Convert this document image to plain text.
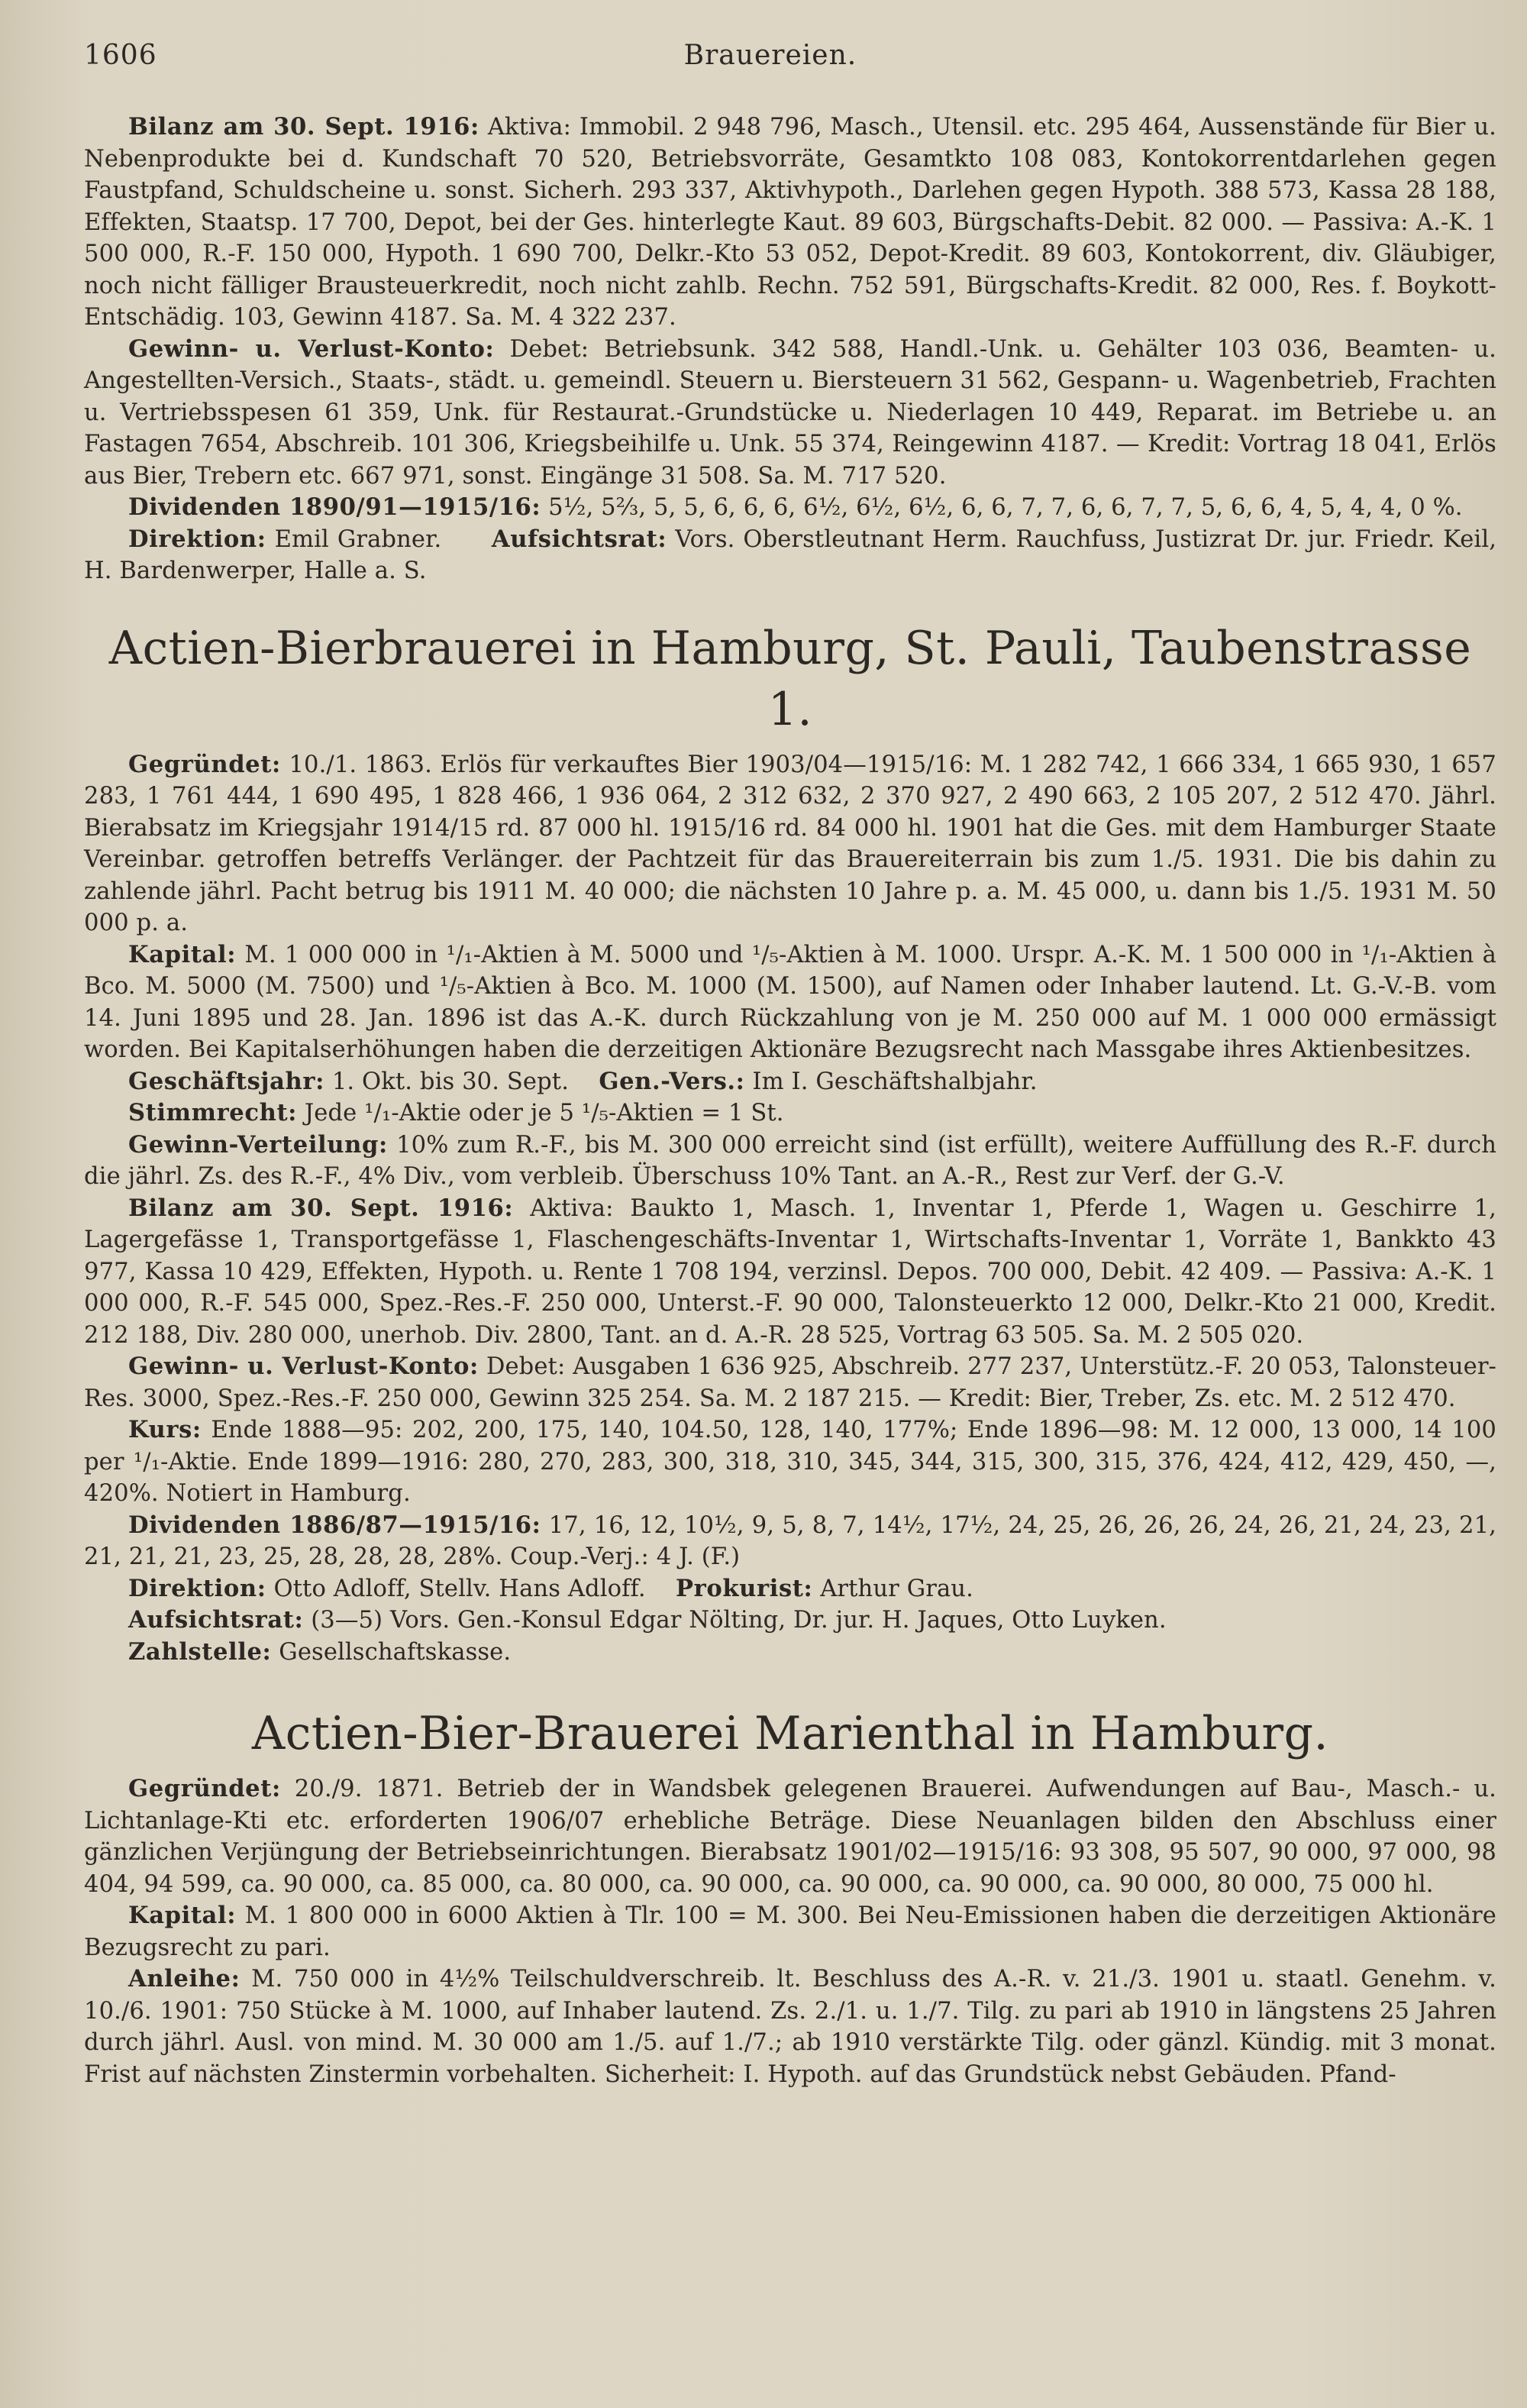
1606	Brauereien.

Bilanz am 30. Sept. 1916: Aktiva: Immobil. 2 948 796, Masch., Utensil. etc. 295 464, Aussenstände für Bier u. Nebenprodukte bei d. Kundschaft 70 520, Betriebsvorräte, Gesamtkto 108 083, Kontokorrentdarlehen gegen Faustpfand, Schuldscheine u. sonst. Sicherh. 293 337, Aktivhypoth., Darlehen gegen Hypoth. 388 573, Kassa 28 188, Effekten, Staatsp. 17 700, Depot, bei der Ges. hinterlegte Kaut. 89 603, Bürgschafts-Debit. 82 000. — Passiva: A.-K. 1 500 000, R.-F. 150 000, Hypoth. 1 690 700, Delkr.-Kto 53 052, Depot-Kredit. 89 603, Kontokorrent, div. Gläubiger, noch nicht fälliger Brausteuerkredit, noch nicht zahlb. Rechn. 752 591, Bürgschafts-Kredit. 82 000, Res. f. Boykott-Entschädig. 103, Gewinn 4187. Sa. M. 4 322 237.

Gewinn- u. Verlust-Konto: Debet: Betriebsunk. 342 588, Handl.-Unk. u. Gehälter 103 036, Beamten- u. Angestellten-Versich., Staats-, städt. u. gemeindl. Steuern u. Biersteuern 31 562, Gespann- u. Wagenbetrieb, Frachten u. Vertriebsspesen 61 359, Unk. für Restaurat.-Grundstücke u. Niederlagen 10 449, Reparat. im Betriebe u. an Fastagen 7654, Abschreib. 101 306, Kriegsbeihilfe u. Unk. 55 374, Reingewinn 4187. — Kredit: Vortrag 18 041, Erlös aus Bier, Trebern etc. 667 971, sonst. Eingänge 31 508. Sa. M. 717 520.

Dividenden 1890/91—1915/16: 5½, 5⅔, 5, 5, 6, 6, 6, 6½, 6½, 6½, 6, 6, 7, 7, 6, 6, 7, 7, 5, 6, 6, 4, 5, 4, 4, 0 %.

Direktion: Emil Grabner. Aufsichtsrat: Vors. Oberstleutnant Herm. Rauchfuss, Justizrat Dr. jur. Friedr. Keil, H. Bardenwerper, Halle a. S.

Actien-Bierbrauerei in Hamburg, St. Pauli, Taubenstrasse 1.

Gegründet: 10./1. 1863. Erlös für verkauftes Bier 1903/04—1915/16: M. 1 282 742, 1 666 334, 1 665 930, 1 657 283, 1 761 444, 1 690 495, 1 828 466, 1 936 064, 2 312 632, 2 370 927, 2 490 663, 2 105 207, 2 512 470. Jährl. Bierabsatz im Kriegsjahr 1914/15 rd. 87 000 hl. 1915/16 rd. 84 000 hl. 1901 hat die Ges. mit dem Hamburger Staate Vereinbar. getroffen betreffs Verlänger. der Pachtzeit für das Brauereiterrain bis zum 1./5. 1931. Die bis dahin zu zahlende jährl. Pacht betrug bis 1911 M. 40 000; die nächsten 10 Jahre p. a. M. 45 000, u. dann bis 1./5. 1931 M. 50 000 p. a.

Kapital: M. 1 000 000 in ¹/₁-Aktien à M. 5000 und ¹/₅-Aktien à M. 1000. Urspr. A.-K. M. 1 500 000 in ¹/₁-Aktien à Bco. M. 5000 (M. 7500) und ¹/₅-Aktien à Bco. M. 1000 (M. 1500), auf Namen oder Inhaber lautend. Lt. G.-V.-B. vom 14. Juni 1895 und 28. Jan. 1896 ist das A.-K. durch Rückzahlung von je M. 250 000 auf M. 1 000 000 ermässigt worden. Bei Kapitalserhöhungen haben die derzeitigen Aktionäre Bezugsrecht nach Massgabe ihres Aktienbesitzes.

Geschäftsjahr: 1. Okt. bis 30. Sept. Gen.-Vers.: Im I. Geschäftshalbjahr.

Stimmrecht: Jede ¹/₁-Aktie oder je 5 ¹/₅-Aktien = 1 St.

Gewinn-Verteilung: 10% zum R.-F., bis M. 300 000 erreicht sind (ist erfüllt), weitere Auffüllung des R.-F. durch die jährl. Zs. des R.-F., 4% Div., vom verbleib. Überschuss 10% Tant. an A.-R., Rest zur Verf. der G.-V.

Bilanz am 30. Sept. 1916: Aktiva: Baukto 1, Masch. 1, Inventar 1, Pferde 1, Wagen u. Geschirre 1, Lagergefässe 1, Transportgefässe 1, Flaschengeschäfts-Inventar 1, Wirtschafts-Inventar 1, Vorräte 1, Bankkto 43 977, Kassa 10 429, Effekten, Hypoth. u. Rente 1 708 194, verzinsl. Depos. 700 000, Debit. 42 409. — Passiva: A.-K. 1 000 000, R.-F. 545 000, Spez.-Res.-F. 250 000, Unterst.-F. 90 000, Talonsteuerkto 12 000, Delkr.-Kto 21 000, Kredit. 212 188, Div. 280 000, unerhob. Div. 2800, Tant. an d. A.-R. 28 525, Vortrag 63 505. Sa. M. 2 505 020.

Gewinn- u. Verlust-Konto: Debet: Ausgaben 1 636 925, Abschreib. 277 237, Unterstütz.-F. 20 053, Talonsteuer-Res. 3000, Spez.-Res.-F. 250 000, Gewinn 325 254. Sa. M. 2 187 215. — Kredit: Bier, Treber, Zs. etc. M. 2 512 470.

Kurs: Ende 1888—95: 202, 200, 175, 140, 104.50, 128, 140, 177%; Ende 1896—98: M. 12 000, 13 000, 14 100 per ¹/₁-Aktie. Ende 1899—1916: 280, 270, 283, 300, 318, 310, 345, 344, 315, 300, 315, 376, 424, 412, 429, 450, —, 420%. Notiert in Hamburg.

Dividenden 1886/87—1915/16: 17, 16, 12, 10½, 9, 5, 8, 7, 14½, 17½, 24, 25, 26, 26, 26, 24, 26, 21, 24, 23, 21, 21, 21, 21, 23, 25, 28, 28, 28, 28%. Coup.-Verj.: 4 J. (F.)

Direktion: Otto Adloff, Stellv. Hans Adloff. Prokurist: Arthur Grau.

Aufsichtsrat: (3—5) Vors. Gen.-Konsul Edgar Nölting, Dr. jur. H. Jaques, Otto Luyken.

Zahlstelle: Gesellschaftskasse.

Actien-Bier-Brauerei Marienthal in Hamburg.

Gegründet: 20./9. 1871. Betrieb der in Wandsbek gelegenen Brauerei. Aufwendungen auf Bau-, Masch.- u. Lichtanlage-Kti etc. erforderten 1906/07 erhebliche Beträge. Diese Neuanlagen bilden den Abschluss einer gänzlichen Verjüngung der Betriebseinrichtungen. Bierabsatz 1901/02—1915/16: 93 308, 95 507, 90 000, 97 000, 98 404, 94 599, ca. 90 000, ca. 85 000, ca. 80 000, ca. 90 000, ca. 90 000, ca. 90 000, ca. 90 000, 80 000, 75 000 hl.

Kapital: M. 1 800 000 in 6000 Aktien à Tlr. 100 = M. 300. Bei Neu-Emissionen haben die derzeitigen Aktionäre Bezugsrecht zu pari.

Anleihe: M. 750 000 in 4½% Teilschuldverschreib. lt. Beschluss des A.-R. v. 21./3. 1901 u. staatl. Genehm. v. 10./6. 1901: 750 Stücke à M. 1000, auf Inhaber lautend. Zs. 2./1. u. 1./7. Tilg. zu pari ab 1910 in längstens 25 Jahren durch jährl. Ausl. von mind. M. 30 000 am 1./5. auf 1./7.; ab 1910 verstärkte Tilg. oder gänzl. Kündig. mit 3 monat. Frist auf nächsten Zinstermin vorbehalten. Sicherheit: I. Hypoth. auf das Grundstück nebst Gebäuden. Pfand-
